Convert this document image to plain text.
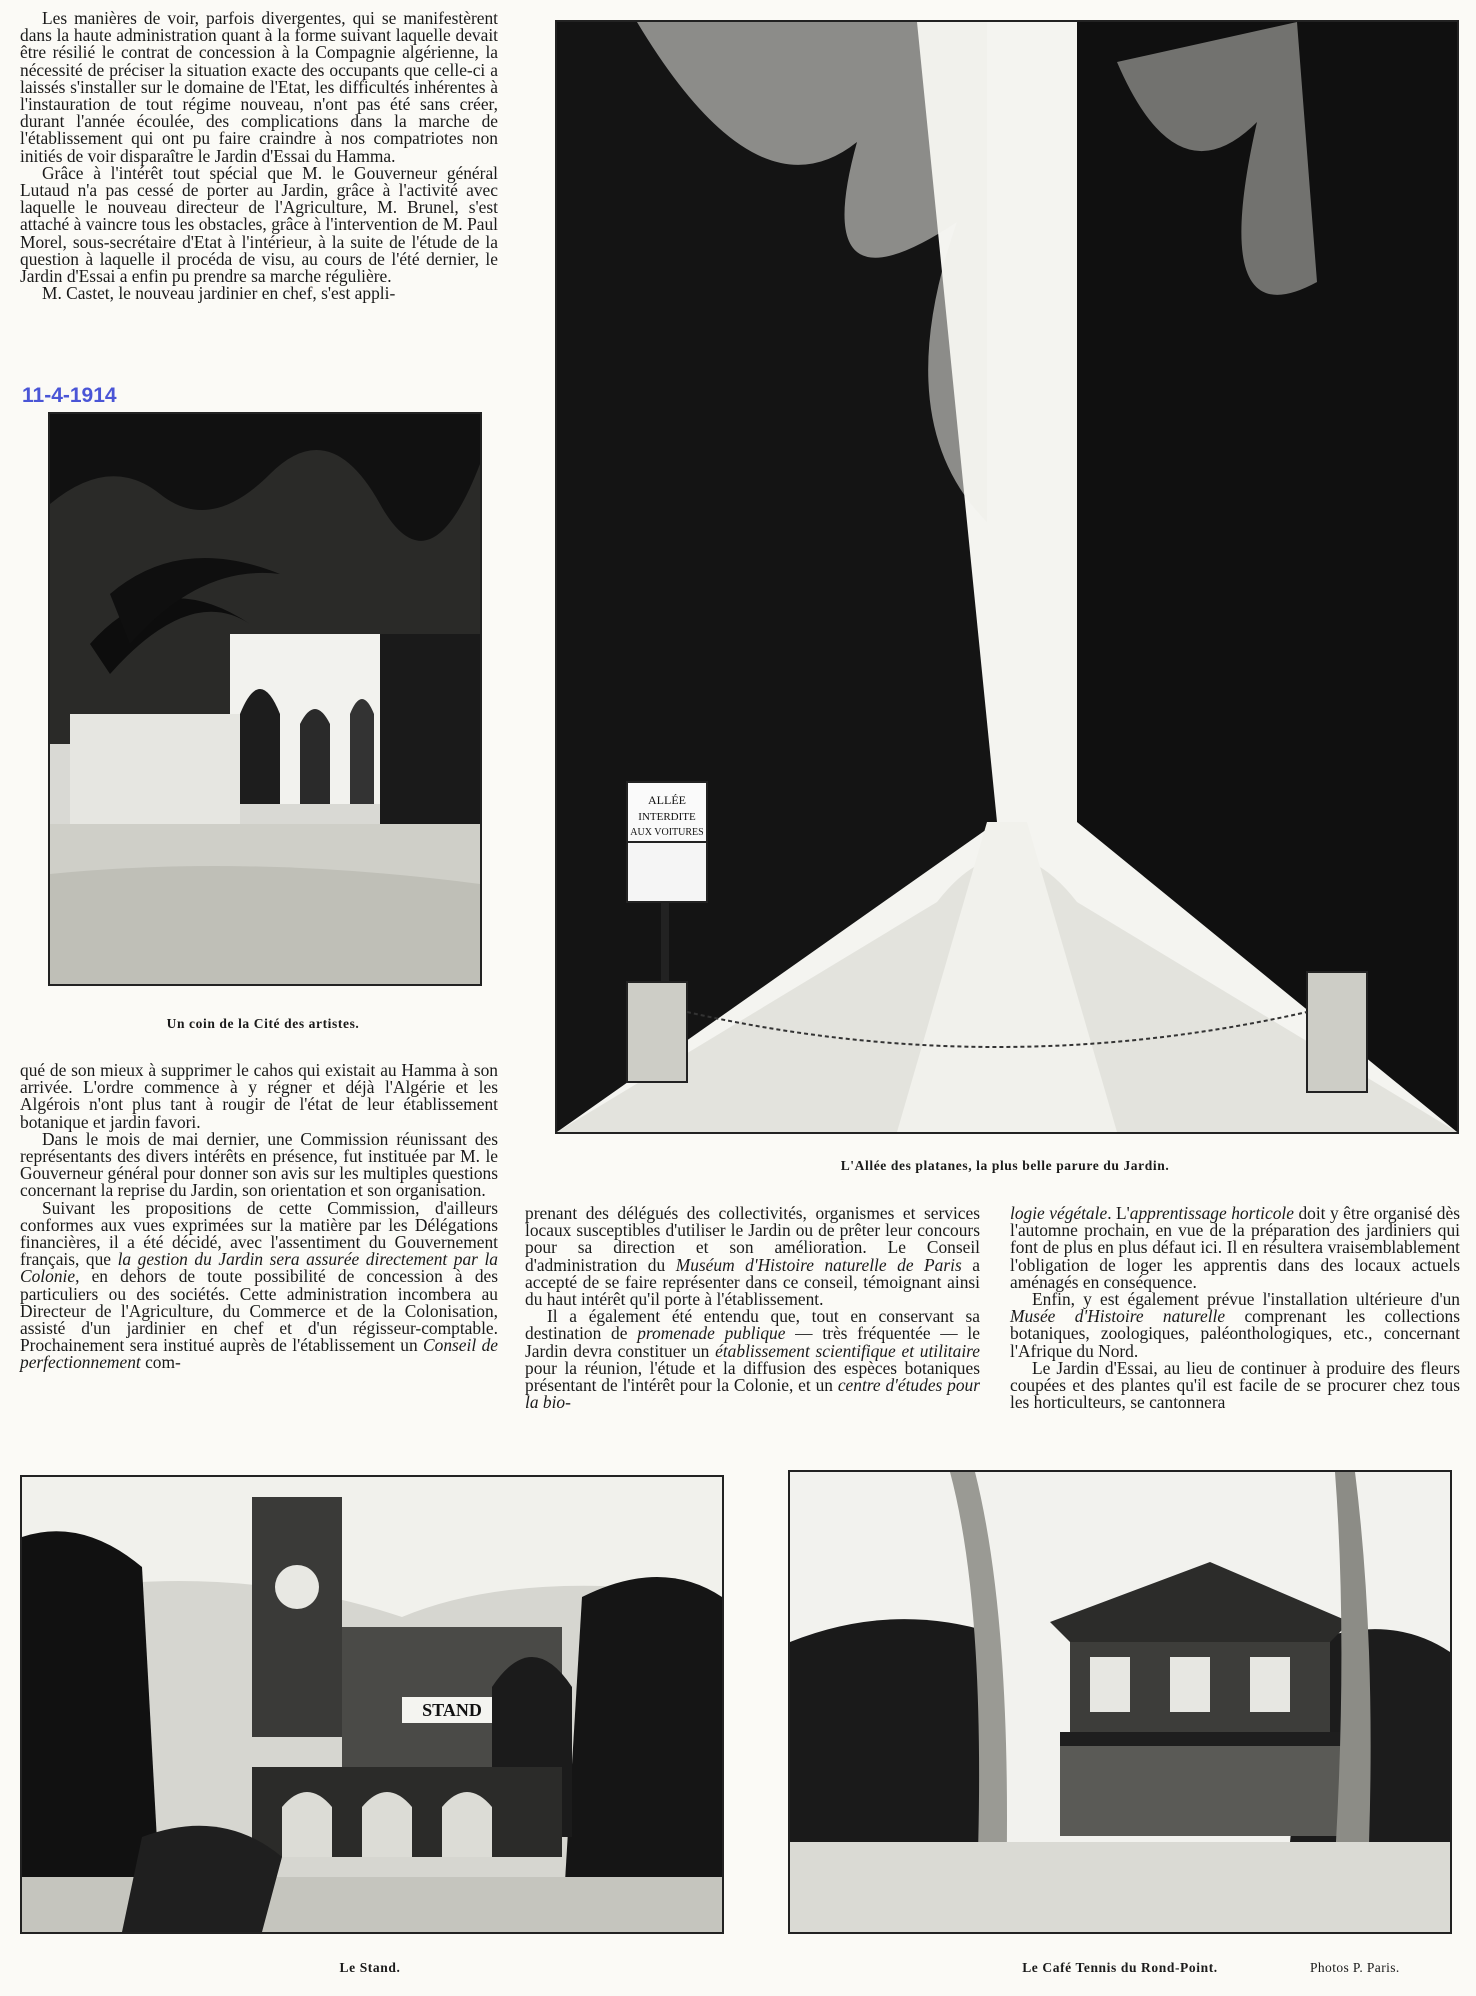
Les manières de voir, parfois divergentes, qui se manifestèrent dans la haute administration quant à la forme suivant laquelle devait être résilié le contrat de concession à la Compagnie algérienne, la nécessité de préciser la situation exacte des occupants que celle-ci a laissés s'installer sur le domaine de l'Etat, les difficultés inhérentes à l'instauration de tout régime nouveau, n'ont pas été sans créer, durant l'année écoulée, des complications dans la marche de l'établissement qui ont pu faire craindre à nos compatriotes non initiés de voir disparaître le Jardin d'Essai du Hamma.

Grâce à l'intérêt tout spécial que M. le Gouverneur général Lutaud n'a pas cessé de porter au Jardin, grâce à l'activité avec laquelle le nouveau directeur de l'Agriculture, M. Brunel, s'est attaché à vaincre tous les obstacles, grâce à l'intervention de M. Paul Morel, sous-secrétaire d'Etat à l'intérieur, à la suite de l'étude de la question à laquelle il procéda de visu, au cours de l'été dernier, le Jardin d'Essai a enfin pu prendre sa marche régulière.

M. Castet, le nouveau jardinier en chef, s'est appli-

11-4-1914
Un coin de la Cité des artistes.

qué de son mieux à supprimer le cahos qui existait au Hamma à son arrivée. L'ordre commence à y régner et déjà l'Algérie et les Algérois n'ont plus tant à rougir de l'état de leur établissement botanique et jardin favori.

Dans le mois de mai dernier, une Commission réunissant des représentants des divers intérêts en présence, fut instituée par M. le Gouverneur général pour donner son avis sur les multiples questions concernant la reprise du Jardin, son orientation et son organisation.

Suivant les propositions de cette Commission, d'ailleurs conformes aux vues exprimées sur la matière par les Délégations financières, il a été décidé, avec l'assentiment du Gouvernement français, que la gestion du Jardin sera assurée directement par la Colonie, en dehors de toute possibilité de concession à des particuliers ou des sociétés. Cette administration incombera au Directeur de l'Agriculture, du Commerce et de la Colonisation, assisté d'un jardinier en chef et d'un régisseur-comptable. Prochainement sera institué auprès de l'établissement un Conseil de perfectionnement com-

ALLÉE
INTERDITE
AUX VOITURES
L'Allée des platanes, la plus belle parure du Jardin.

prenant des délégués des collectivités, organismes et services locaux susceptibles d'utiliser le Jardin ou de prêter leur concours pour sa direction et son amélioration. Le Conseil d'administration du Muséum d'Histoire naturelle de Paris a accepté de se faire représenter dans ce conseil, témoignant ainsi du haut intérêt qu'il porte à l'établissement.

Il a également été entendu que, tout en conservant sa destination de promenade publique — très fréquentée — le Jardin devra constituer un établissement scientifique et utilitaire pour la réunion, l'étude et la diffusion des espèces botaniques présentant de l'intérêt pour la Colonie, et un centre d'études pour la bio-

logie végétale. L'apprentissage horticole doit y être organisé dès l'automne prochain, en vue de la préparation des jardiniers qui font de plus en plus défaut ici. Il en résultera vraisemblablement l'obligation de loger les apprentis dans des locaux actuels aménagés en conséquence.

Enfin, y est également prévue l'installation ultérieure d'un Musée d'Histoire naturelle comprenant les collections botaniques, zoologiques, paléonthologiques, etc., concernant l'Afrique du Nord.

Le Jardin d'Essai, au lieu de continuer à produire des fleurs coupées et des plantes qu'il est facile de se procurer chez tous les horticulteurs, se cantonnera

STAND
Le Stand.	Le Café Tennis du Rond-Point.	Photos P. Paris.
